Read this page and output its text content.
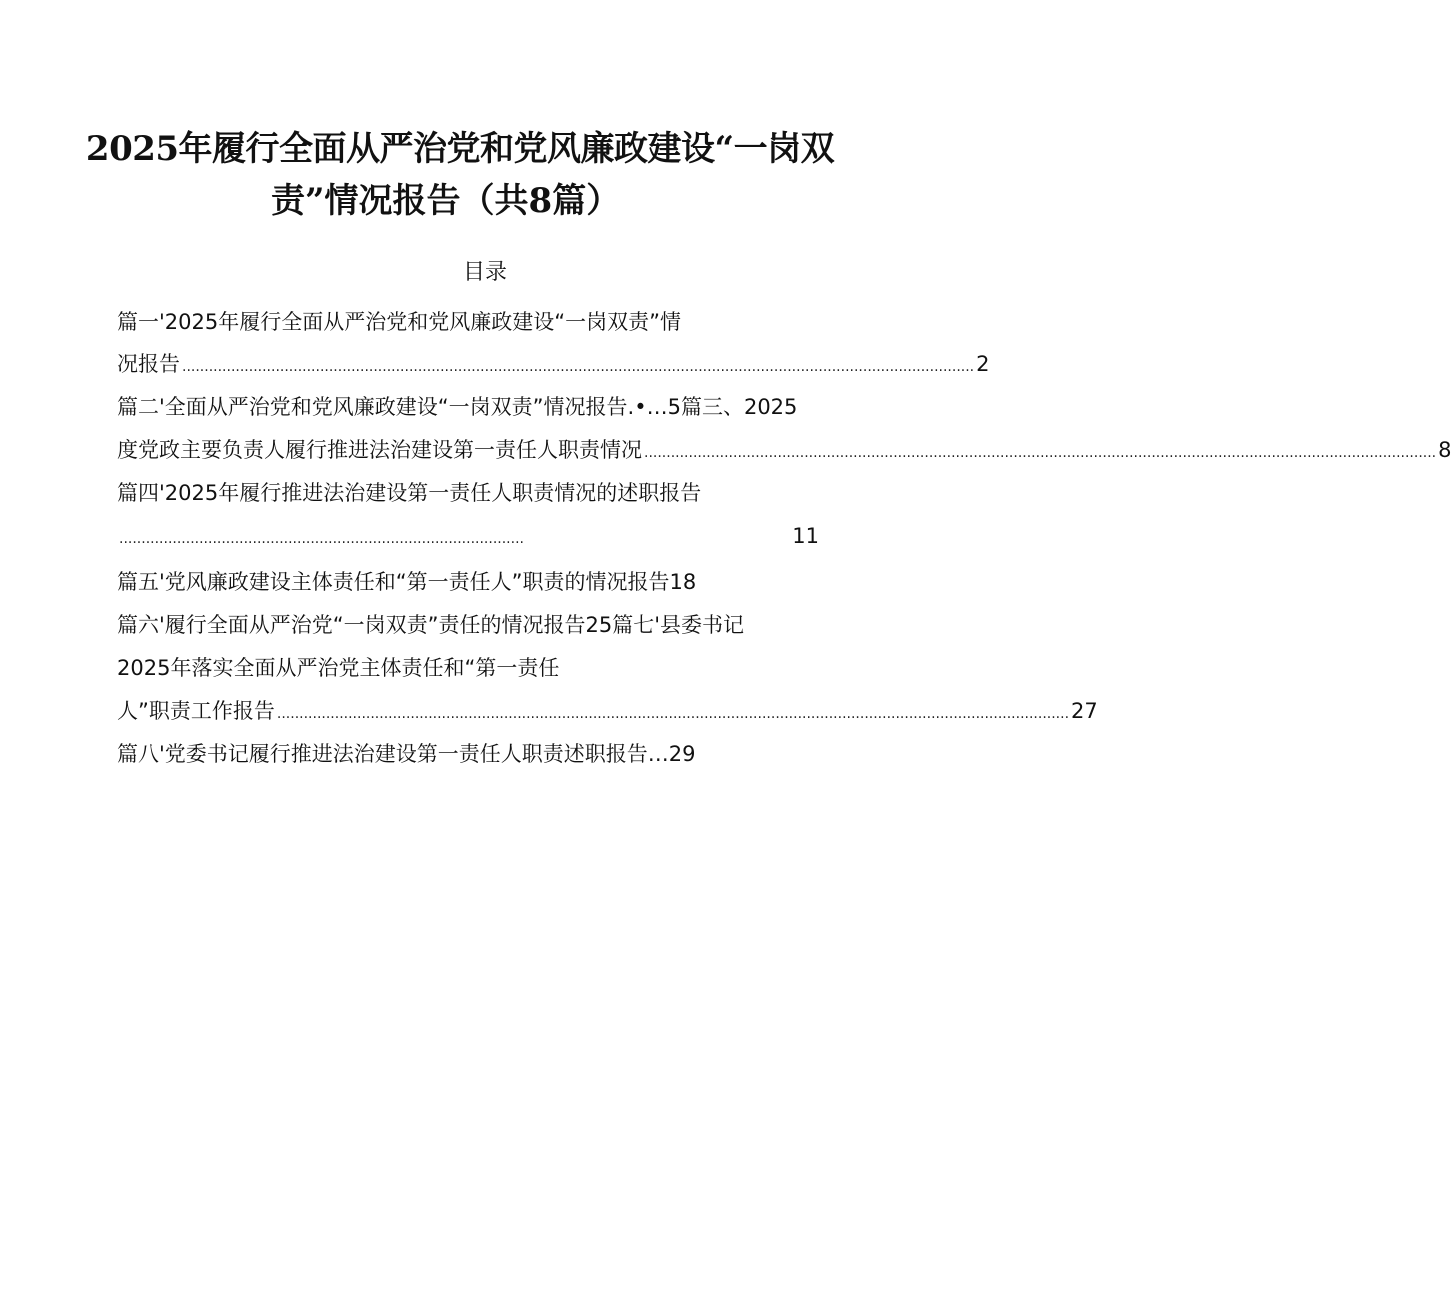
2025年履行全面从严治党和党风廉政建设“一岗双
责”情况报告（共8篇）
目录
篇一'2025年履行全面从严治党和党风廉政建设“一岗双责”情
况报告 .................................................................................................................................................................................. 2
篇二'全面从严治党和党风廉政建设“一岗双责”情况报告.•…5篇三、2025
度党政主要负责人履行推进法治建设第一责任人职责情况 .................................................................................................................................................................................. 8
篇四'2025年履行推进法治建设第一责任人职责情况的述职报告
...........................................................................................	11
篇五'党风廉政建设主体责任和“第一责任人”职责的情况报告18
篇六'履行全面从严治党“一岗双责”责任的情况报告25篇七'县委书记
2025年落实全面从严治党主体责任和“第一责任
人”职责工作报告 .................................................................................................................................................................................. 27
篇八'党委书记履行推进法治建设第一责任人职责述职报告…29
